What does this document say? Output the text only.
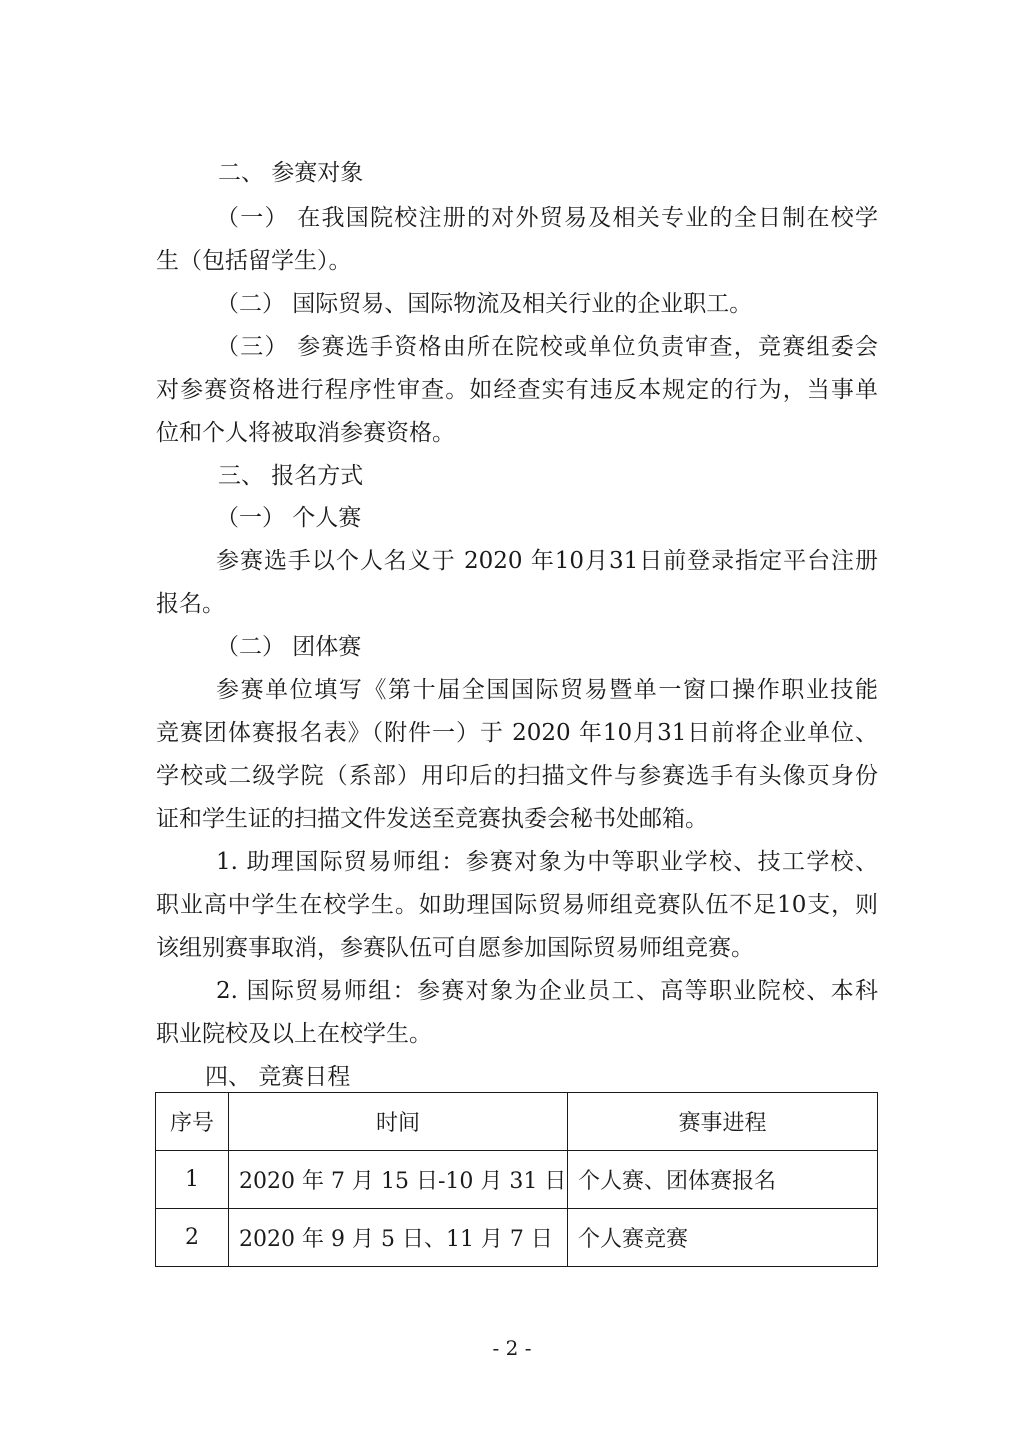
二、 参赛对象
（一） 在我国院校注册的对外贸易及相关专业的全日制在校学
生（包括留学生）。
（二） 国际贸易、国际物流及相关行业的企业职工。
（三） 参赛选手资格由所在院校或单位负责审查，竞赛组委会
对参赛资格进行程序性审查。如经查实有违反本规定的行为，当事单
位和个人将被取消参赛资格。
三、 报名方式
（一） 个人赛
参赛选手以个人名义于 2020 年10月31日前登录指定平台注册
报名。
（二） 团体赛
参赛单位填写《第十届全国国际贸易暨单一窗口操作职业技能
竞赛团体赛报名表》（附件一）于 2020 年10月31日前将企业单位、
学校或二级学院（系部）用印后的扫描文件与参赛选手有头像页身份
证和学生证的扫描文件发送至竞赛执委会秘书处邮箱。
1. 助理国际贸易师组：参赛对象为中等职业学校、技工学校、
职业高中学生在校学生。如助理国际贸易师组竞赛队伍不足10支，则
该组别赛事取消，参赛队伍可自愿参加国际贸易师组竞赛。
2. 国际贸易师组：参赛对象为企业员工、高等职业院校、本科
职业院校及以上在校学生。
四、 竞赛日程
序号	时间	赛事进程
1	2020 年 7 月 15 日-10 月 31 日	个人赛、团体赛报名
2	2020 年 9 月 5 日、11 月 7 日	个人赛竞赛
- 2 -
